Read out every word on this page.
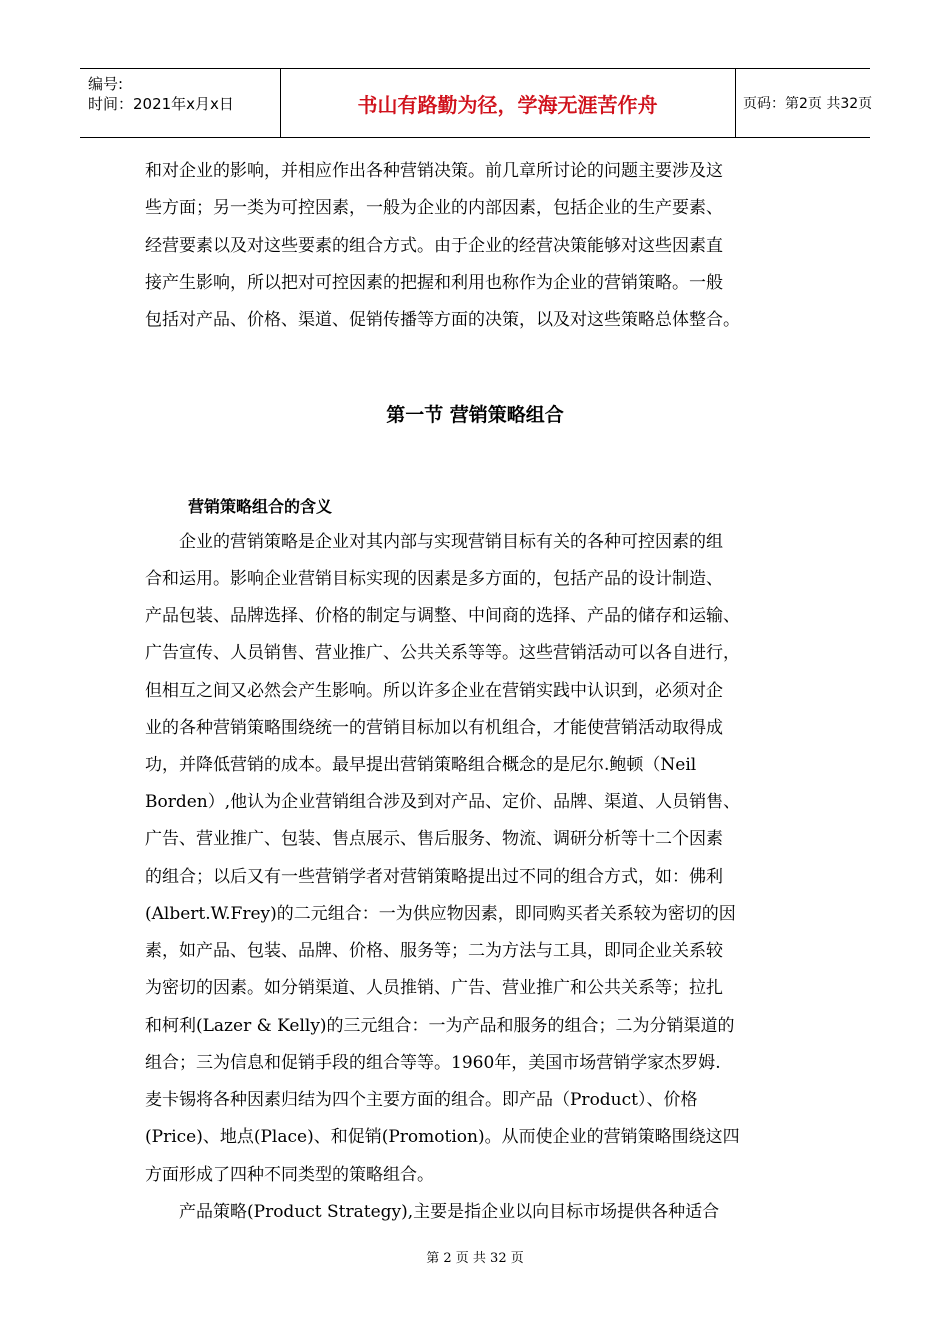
编号:
时间：2021年x月x日	书山有路勤为径，学海无涯苦作舟	页码：第2页 共32页
和对企业的影响，并相应作出各种营销决策。前几章所讨论的问题主要涉及这
些方面；另一类为可控因素，一般为企业的内部因素，包括企业的生产要素、
经营要素以及对这些要素的组合方式。由于企业的经营决策能够对这些因素直
接产生影响，所以把对可控因素的把握和利用也称作为企业的营销策略。一般
包括对产品、价格、渠道、促销传播等方面的决策，以及对这些策略总体整合。
第一节 营销策略组合
营销策略组合的含义
　　企业的营销策略是企业对其内部与实现营销目标有关的各种可控因素的组
合和运用。影响企业营销目标实现的因素是多方面的，包括产品的设计制造、
产品包装、品牌选择、价格的制定与调整、中间商的选择、产品的储存和运输、
广告宣传、人员销售、营业推广、公共关系等等。这些营销活动可以各自进行，
但相互之间又必然会产生影响。所以许多企业在营销实践中认识到，必须对企
业的各种营销策略围绕统一的营销目标加以有机组合，才能使营销活动取得成
功，并降低营销的成本。最早提出营销策略组合概念的是尼尔.鲍顿（Neil
Borden）,他认为企业营销组合涉及到对产品、定价、品牌、渠道、人员销售、
广告、营业推广、包装、售点展示、售后服务、物流、调研分析等十二个因素
的组合；以后又有一些营销学者对营销策略提出过不同的组合方式，如：佛利
(Albert.W.Frey)的二元组合：一为供应物因素，即同购买者关系较为密切的因
素，如产品、包装、品牌、价格、服务等；二为方法与工具，即同企业关系较
为密切的因素。如分销渠道、人员推销、广告、营业推广和公共关系等；拉扎
和柯利(Lazer & Kelly)的三元组合：一为产品和服务的组合；二为分销渠道的
组合；三为信息和促销手段的组合等等。1960年，美国市场营销学家杰罗姆.
麦卡锡将各种因素归结为四个主要方面的组合。即产品（Product）、价格
(Price)、地点(Place)、和促销(Promotion)。从而使企业的营销策略围绕这四
方面形成了四种不同类型的策略组合。
　　产品策略(Product Strategy),主要是指企业以向目标市场提供各种适合
第 2 页 共 32 页
